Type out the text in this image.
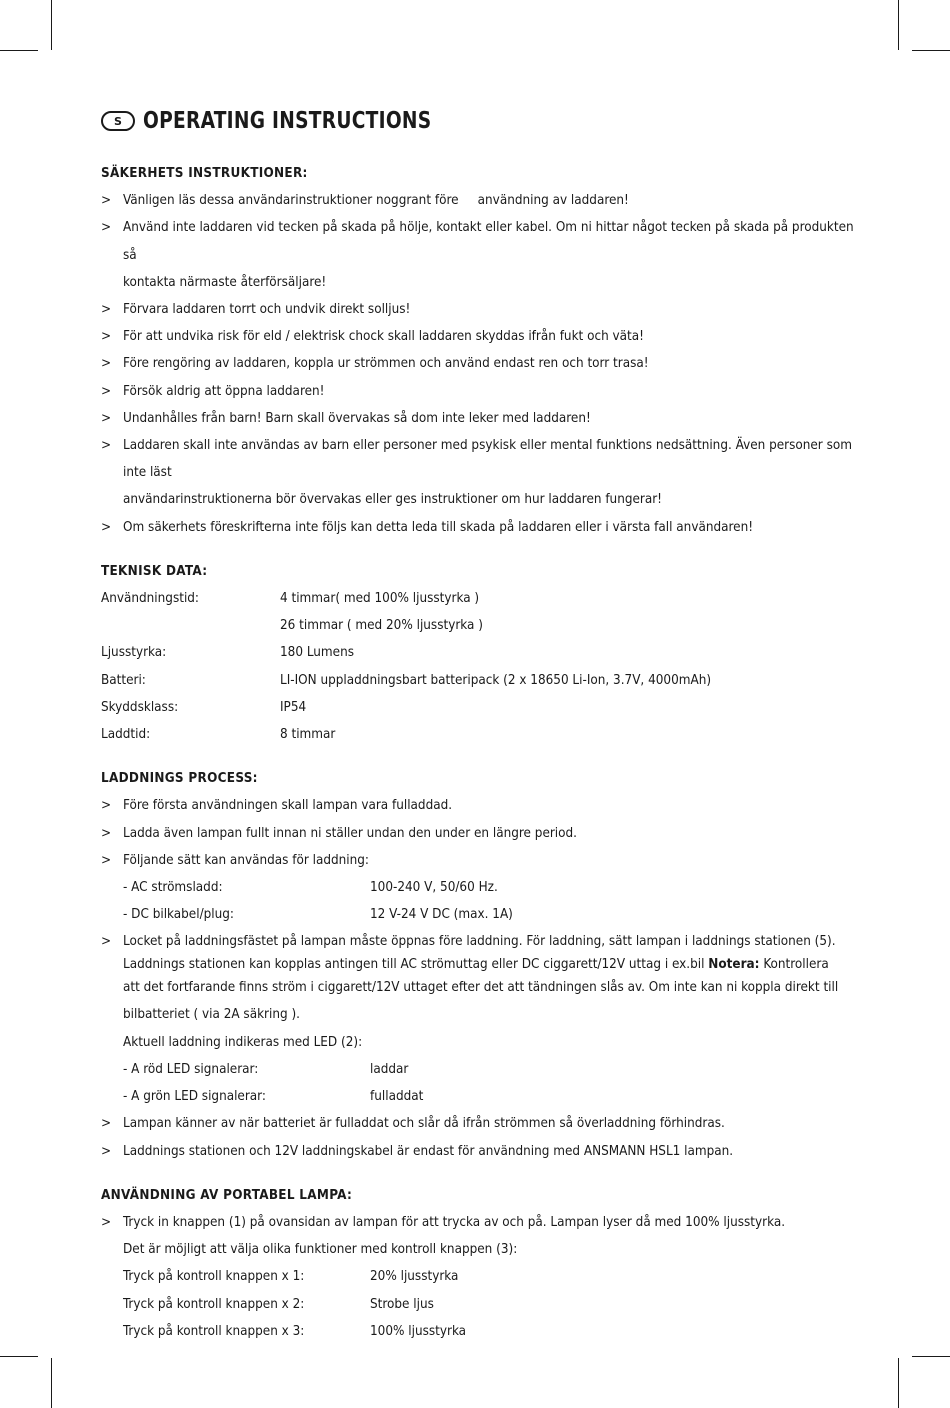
S OPERATING INSTRUCTIONS
SÄKERHETS INSTRUKTIONER:
> Vänligen läs dessa användarinstruktioner noggrant före     användning av laddaren!
> Använd inte laddaren vid tecken på skada på hölje, kontakt eller kabel. Om ni hittar något tecken på skada på produkten så
kontakta närmaste återförsäljare!
> Förvara laddaren torrt och undvik direkt solljus!
> För att undvika risk för eld / elektrisk chock skall laddaren skyddas ifrån fukt och väta!
> Före rengöring av laddaren, koppla ur strömmen och använd endast ren och torr trasa!
> Försök aldrig att öppna laddaren!
> Undanhålles från barn! Barn skall övervakas så dom inte leker med laddaren!
> Laddaren skall inte användas av barn eller personer med psykisk eller mental funktions nedsättning. Även personer som inte läst
användarinstruktionerna bör övervakas eller ges instruktioner om hur laddaren fungerar!
> Om säkerhets föreskrifterna inte följs kan detta leda till skada på laddaren eller i värsta fall användaren!
TEKNISK DATA:
Användningstid:	4 timmar( med 100% ljusstyrka )
26 timmar ( med 20% ljusstyrka )
Ljusstyrka:	180 Lumens
Batteri:	LI-ION uppladdningsbart batteripack (2 x 18650 Li-Ion, 3.7V, 4000mAh)
Skyddsklass:	IP54
Laddtid:	8 timmar
LADDNINGS PROCESS:
> Före första användningen skall lampan vara fulladdad.
> Ladda även lampan fullt innan ni ställer undan den under en längre period.
> Följande sätt kan användas för laddning:
- AC strömsladd:	100-240 V, 50/60 Hz.
- DC bilkabel/plug:	12 V-24 V DC (max. 1A)
> Locket på laddningsfästet på lampan måste öppnas före laddning. För laddning, sätt lampan i laddnings stationen (5).
Laddnings stationen kan kopplas antingen till AC strömuttag eller DC ciggarett/12V uttag i ex.bil Notera: Kontrollera
att det fortfarande finns ström i ciggarett/12V uttaget efter det att tändningen slås av. Om inte kan ni koppla direkt till
bilbatteriet ( via 2A säkring ).
Aktuell laddning indikeras med LED (2):
- A röd LED signalerar:	laddar
- A grön LED signalerar:	fulladdat
> Lampan känner av när batteriet är fulladdat och slår då ifrån strömmen så överladdning förhindras.
> Laddnings stationen och 12V laddningskabel är endast för användning med ANSMANN HSL1 lampan.
ANVÄNDNING AV PORTABEL LAMPA:
> Tryck in knappen (1) på ovansidan av lampan för att trycka av och på. Lampan lyser då med 100% ljusstyrka.
Det är möjligt att välja olika funktioner med kontroll knappen (3):
Tryck på kontroll knappen x 1:	20% ljusstyrka
Tryck på kontroll knappen x 2:	Strobe ljus
Tryck på kontroll knappen x 3:	100% ljusstyrka
